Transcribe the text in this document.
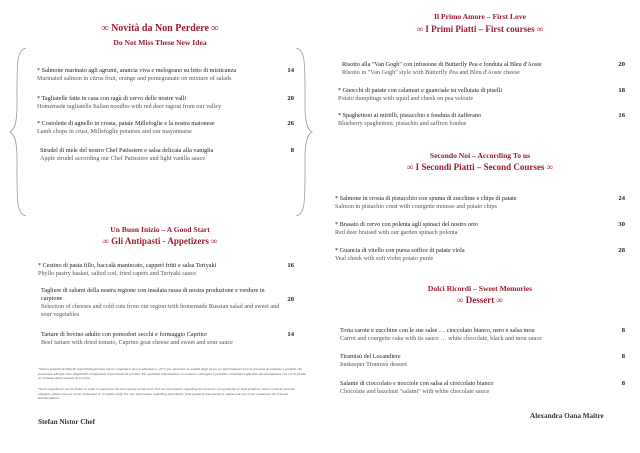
∞ Novità da Non Perdere ∞
Do Not Miss These New Idea
* Salmone marinato agli agrumi, arancia viva e melograno su letto di misticanza
Marinated salmon in citrus fruit, orange and pomegranate on mixture of salads
14
* Tagliatelle fatte in casa con ragù di cervo delle nostre valli
Homemade tagliatelle Italian noodles with red deer ragout from our valley
20
* Costolette di agnello in crosta, patate Millefoglie e la nostra maionese
Lamb chops in crust, Millefoglie potatoes and our mayonnaise
26
Strudel di mele del nostro Chef Patissiere e salsa delicata alla vaniglia
Apple strudel according our Chef Patissiere and light vanilla sauce
8
Un Buon Inizio – A Good Start
∞ Gli Antipasti - Appetizers ∞
* Cestino di pasta fillo, baccalà mantecato, capperi fritti e salsa Teriyaki
Phyllo pastry basket, salted cod, fried capers and Teriyaki sauce
16
Tagliere di salumi della nostra regione con insalata russa di nostra produzione e verdure in carpione
Selection of cheeses and cold cuts from our region with homemade Russian salad and sweet and sour vegetables
20
Tartare di bovino adulto con pomodori secchi e formaggio Caprino
Beef tartare with dried tomato, Caprino goat cheese and sweet and sour sauce
14
*Alcuni prodotti di difficile reperibilità possono essere congelati o da noi abbattuti a -25°C per garantire la qualità degli stessi. Le informazioni circa la presenza di sostanze o prodotti che provocano allergie sono disponibili rivolgendosi al personale di servizio. Per qualsiasi informazione su sostanze e allergeni è possibile consultare l'apposita documentazione che verrà fornita su richiesta dal personale di servizio.
*Some ingredients can be frozen in order to guarantee the best quality of that item. For the information regarding the presence of ingredients or food products, which could be provoke allergies, please ask any of our restaurant or reception staff. For any information regarding ingredients, food products and allergens, please ask any of our restaurant the relevant documentation.
Stefan Nistor Chef
Il Primo Amore – First Love
∞ I Primi Piatti – First courses ∞
Risotto alla "Van Gogh" con infusione di Butterfly Pea e fonduta al Bleu d'Aoste
Risotto in "Van Gogh" style with Butterfly Pea and Bleu d'Aoste cheese
20
* Gnocchi di patate con calamari e guanciale su vellutata di piselli
Potato dumplings with squid and cheek on pea veloute
18
* Spaghettoni ai mirtilli, pistacchio e fonduta di zafferano
Blueberry spaghettoni, pistachio and saffron fondue
16
Secondo Noi – According To us
∞ I Secondi Piatti – Second Courses ∞
* Salmone in crosta di pistacchio con spuma di zucchine e chips di patate
Salmon in pistachio crust with courgette mousse and potato chips
24
* Brasato di cervo con polenta agli spinaci del nostro orto
Red deer braised with our garden spinach polenta
30
* Guancia di vitello con purea soffice di patate viola
Veal cheek with soft violet potato purée
28
Dolci Ricordi – Sweet Memories
∞ Dessert ∞
Torta carote e zucchine con le sue salse … cioccolato bianco, nero e salsa mou
Carrot and courgette cake with its sauce … white chocolate, black and mou sauce
8
Tiramisù del Locandiere
Innkeeper Tiramisù dessert
8
Salame di cioccolato e nocciole con salsa al cioccolato bianco
Chocolate and hazelnut "salami" with white chocolate sauce
8
Alexandra Oana Maitre
